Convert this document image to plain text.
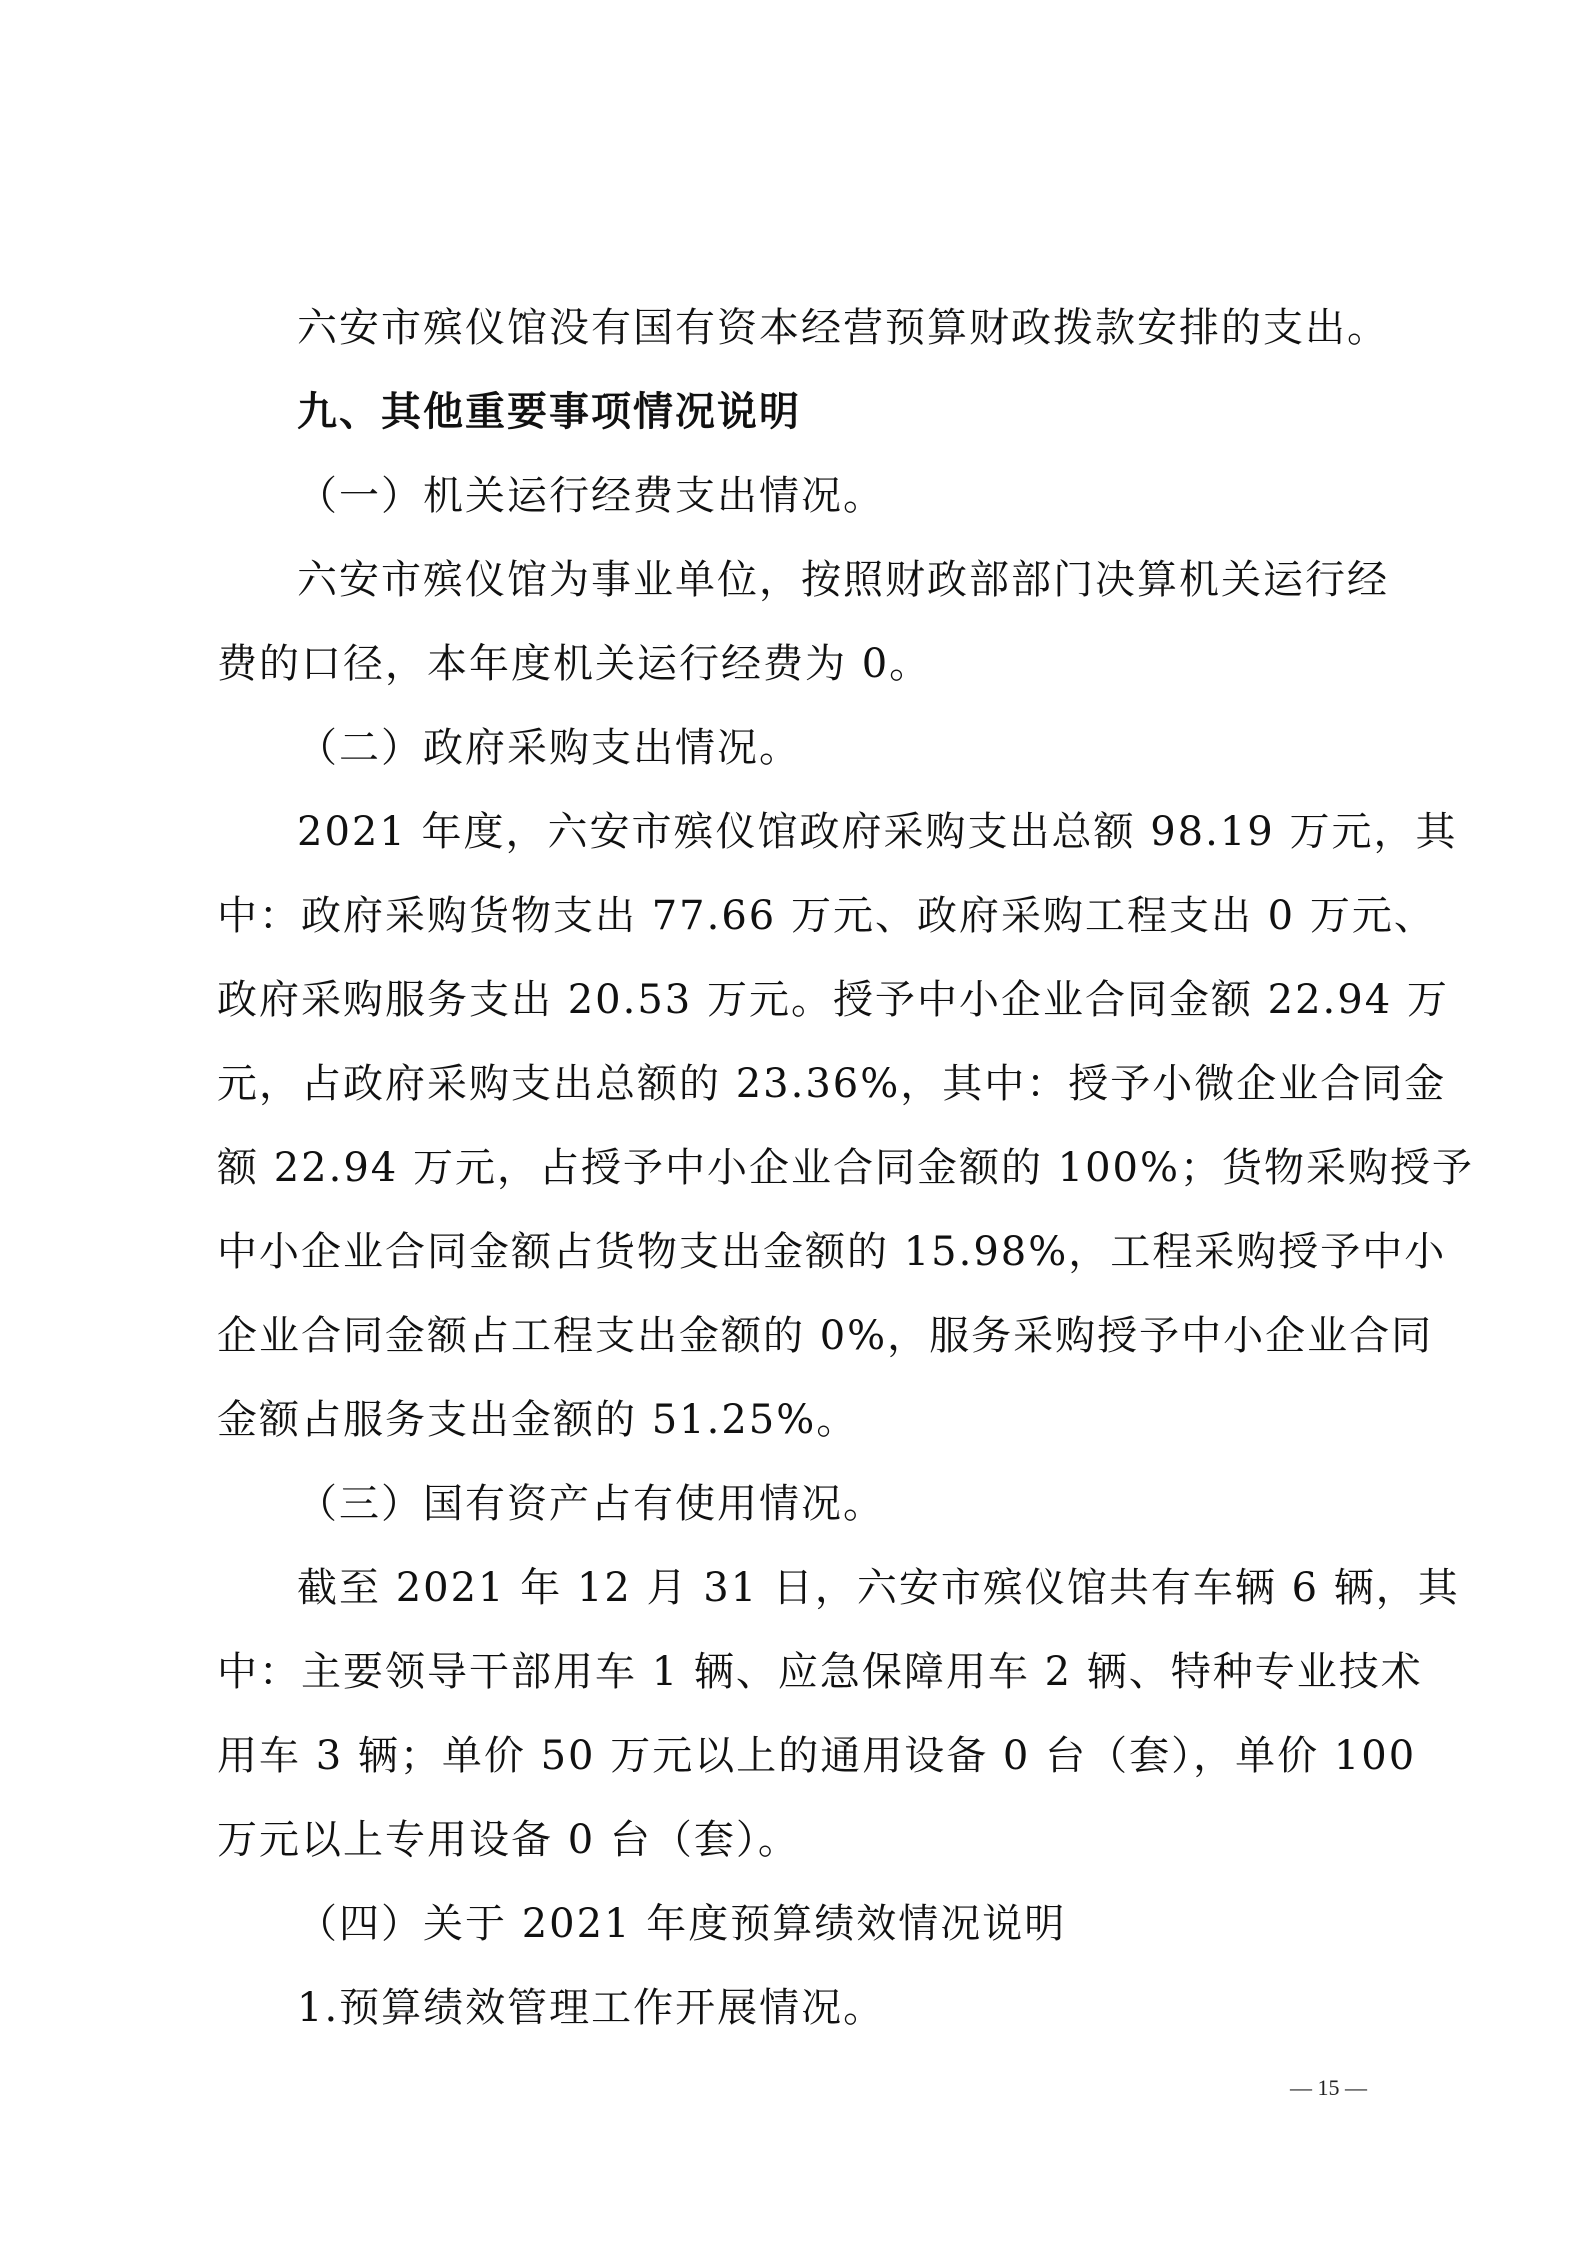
六安市殡仪馆没有国有资本经营预算财政拨款安排的支出。
九、其他重要事项情况说明
（一）机关运行经费支出情况。
六安市殡仪馆为事业单位，按照财政部部门决算机关运行经
费的口径，本年度机关运行经费为 0。
（二）政府采购支出情况。
2021 年度，六安市殡仪馆政府采购支出总额 98.19 万元，其
中：政府采购货物支出 77.66 万元、政府采购工程支出 0 万元、
政府采购服务支出 20.53 万元。授予中小企业合同金额 22.94 万
元，占政府采购支出总额的 23.36%，其中：授予小微企业合同金
额 22.94 万元，占授予中小企业合同金额的 100%；货物采购授予
中小企业合同金额占货物支出金额的 15.98%，工程采购授予中小
企业合同金额占工程支出金额的 0%，服务采购授予中小企业合同
金额占服务支出金额的 51.25%。
（三）国有资产占有使用情况。
截至 2021 年 12 月 31 日，六安市殡仪馆共有车辆 6 辆，其
中：主要领导干部用车 1 辆、应急保障用车 2 辆、特种专业技术
用车 3 辆；单价 50 万元以上的通用设备 0 台（套），单价 100
万元以上专用设备 0 台（套）。
（四）关于 2021 年度预算绩效情况说明
1.预算绩效管理工作开展情况。
— 15 —
